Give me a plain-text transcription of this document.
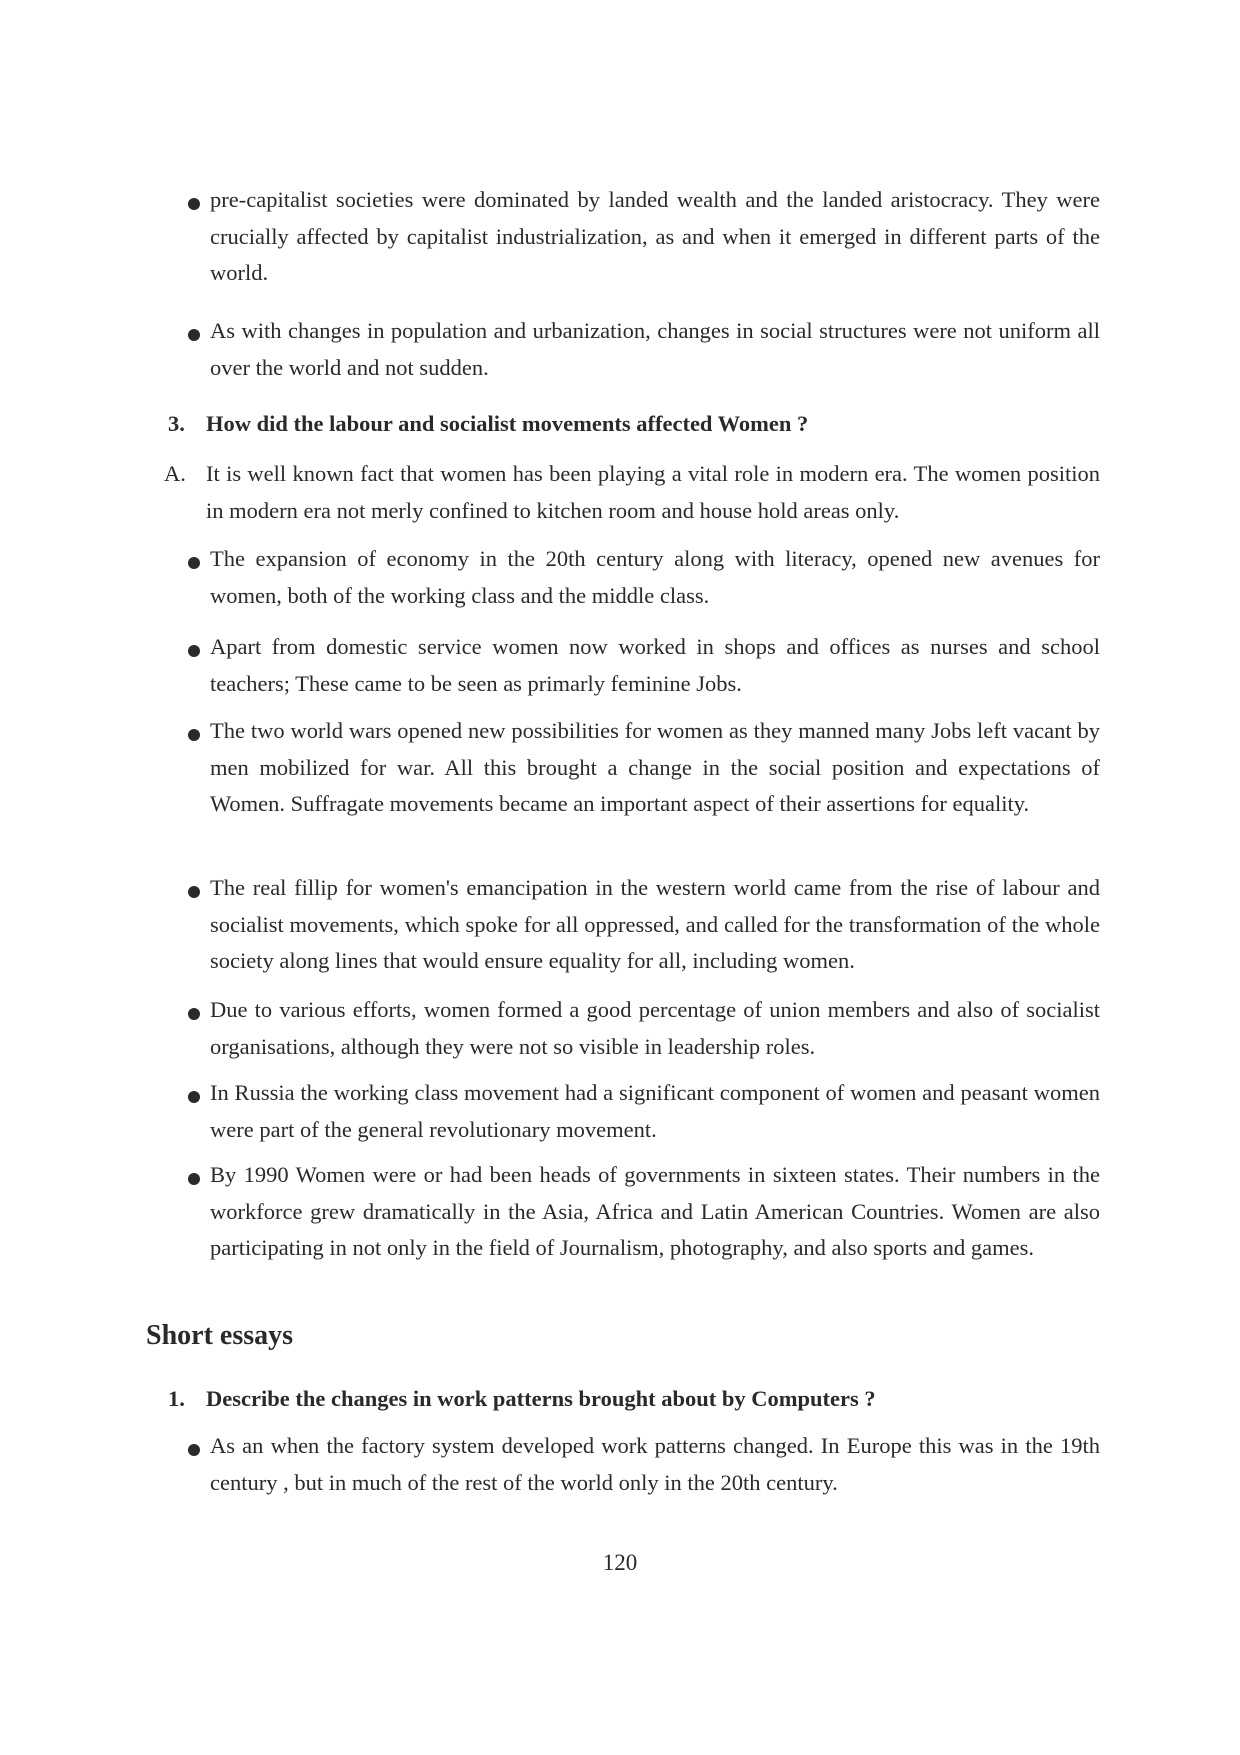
pre-capitalist societies were dominated by landed wealth and the landed aristocracy. They were crucially affected by capitalist industrialization, as and when it emerged in different parts of the world.
As with changes in population and urbanization, changes in social structures were not uniform all over the world and not sudden.
3. How did the labour and socialist movements affected Women ?
A. It is well known fact that women has been playing a vital role in modern era. The women position in modern era not merly confined to kitchen room and house hold areas only.
The expansion of economy in the 20th century along with literacy, opened new avenues for women, both of the working class and the middle class.
Apart from domestic service women now worked in shops and offices as nurses and school teachers; These came to be seen as primarly feminine Jobs.
The two world wars opened new possibilities for women as they manned many Jobs left vacant by men mobilized for war. All this brought a change in the social position and expectations of Women. Suffragate movements became an important aspect of their assertions for equality.
The real fillip for women's emancipation in the western world came from the rise of labour and socialist movements, which spoke for all oppressed, and called for the transformation of the whole society along lines that would ensure equality for all, including women.
Due to various efforts, women formed a good percentage of union members and also of socialist organisations, although they were not so visible in leadership roles.
In Russia the working class movement had a significant component of women and peasant women were part of the general revolutionary movement.
By 1990 Women were or had been heads of governments in sixteen states. Their numbers in the workforce grew dramatically in the Asia, Africa and Latin American Countries. Women are also participating in not only in the field of Journalism, photography, and also sports and games.
Short essays
1. Describe the changes in work patterns brought about by Computers ?
As an when the factory system developed work patterns changed. In Europe this was in the 19th century , but in much of the rest of the world only in the 20th century.
120
